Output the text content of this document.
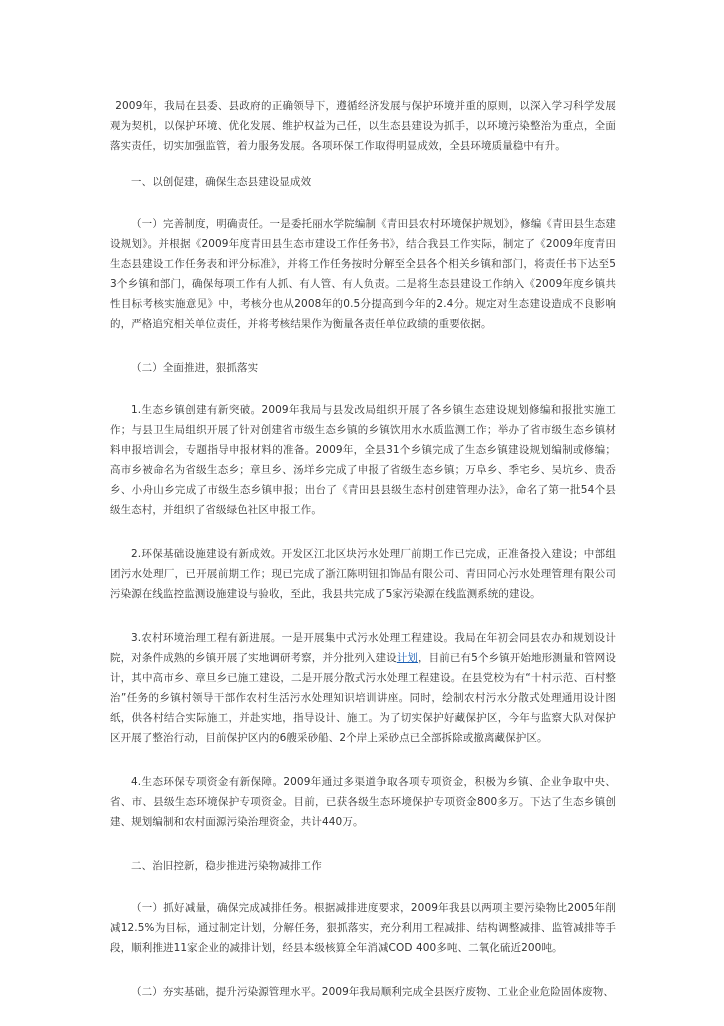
2009年，我局在县委、县政府的正确领导下，遵循经济发展与保护环境并重的原则，以深入学习科学发展观为契机，以保护环境、优化发展、维护权益为己任，以生态县建设为抓手，以环境污染整治为重点，全面落实责任，切实加强监管，着力服务发展。各项环保工作取得明显成效，全县环境质量稳中有升。

一、以创促建，确保生态县建设显成效

（一）完善制度，明确责任。一是委托丽水学院编制《青田县农村环境保护规划》，修编《青田县生态建设规划》。并根据《2009年度青田县生态市建设工作任务书》，结合我县工作实际，制定了《2009年度青田生态县建设工作任务表和评分标准》，并将工作任务按时分解至全县各个相关乡镇和部门，将责任书下达至53个乡镇和部门，确保每项工作有人抓、有人管、有人负责。二是将生态县建设工作纳入《2009年度乡镇共性目标考核实施意见》中，考核分也从2008年的0.5分提高到今年的2.4分。规定对生态建设造成不良影响的，严格追究相关单位责任，并将考核结果作为衡量各责任单位政绩的重要依据。

（二）全面推进，狠抓落实

1.生态乡镇创建有新突破。2009年我局与县发改局组织开展了各乡镇生态建设规划修编和报批实施工作；与县卫生局组织开展了针对创建省市级生态乡镇的乡镇饮用水水质监测工作；举办了省市级生态乡镇材料申报培训会，专题指导申报材料的准备。2009年，全县31个乡镇完成了生态乡镇建设规划编制或修编；高市乡被命名为省级生态乡；章旦乡、汤垟乡完成了申报了省级生态乡镇；万阜乡、季宅乡、吴坑乡、贵岙乡、小舟山乡完成了市级生态乡镇申报；出台了《青田县县级生态村创建管理办法》，命名了第一批54个县级生态村，并组织了省级绿色社区申报工作。

2.环保基础设施建设有新成效。开发区江北区块污水处理厂前期工作已完成，正准备投入建设；中部组团污水处理厂，已开展前期工作；现已完成了浙江陈明钮扣饰品有限公司、青田同心污水处理管理有限公司污染源在线监控监测设施建设与验收，至此，我县共完成了5家污染源在线监测系统的建设。

3.农村环境治理工程有新进展。一是开展集中式污水处理工程建设。我局在年初会同县农办和规划设计院，对条件成熟的乡镇开展了实地调研考察，并分批列入建设计划，目前已有5个乡镇开始地形测量和管网设计，其中高市乡、章旦乡已施工建设，二是开展分散式污水处理工程建设。在县党校为有“十村示范、百村整治”任务的乡镇村领导干部作农村生活污水处理知识培训讲座。同时，绘制农村污水分散式处理通用设计图纸，供各村结合实际施工，并赴实地，指导设计、施工。为了切实保护好藏保护区，今年与监察大队对保护区开展了整治行动，目前保护区内的6艘采砂船、2个岸上采砂点已全部拆除或撤离藏保护区。

4.生态环保专项资金有新保障。2009年通过多渠道争取各项专项资金，积极为乡镇、企业争取中央、省、市、县级生态环境保护专项资金。目前，已获各级生态环境保护专项资金800多万。下达了生态乡镇创建、规划编制和农村面源污染治理资金，共计440万。

二、治旧控新，稳步推进污染物减排工作

（一）抓好减量，确保完成减排任务。根据减排进度要求，2009年我县以两项主要污染物比2005年削减12.5%为目标，通过制定计划，分解任务，狠抓落实，充分利用工程减排、结构调整减排、监管减排等手段，顺利推进11家企业的减排计划，经县本级核算全年消减COD 400多吨、二氧化硫近200吨。

（二）夯实基础，提升污染源管理水平。2009年我局顺利完成全县医疗废物、工业企业危险固体废物、
